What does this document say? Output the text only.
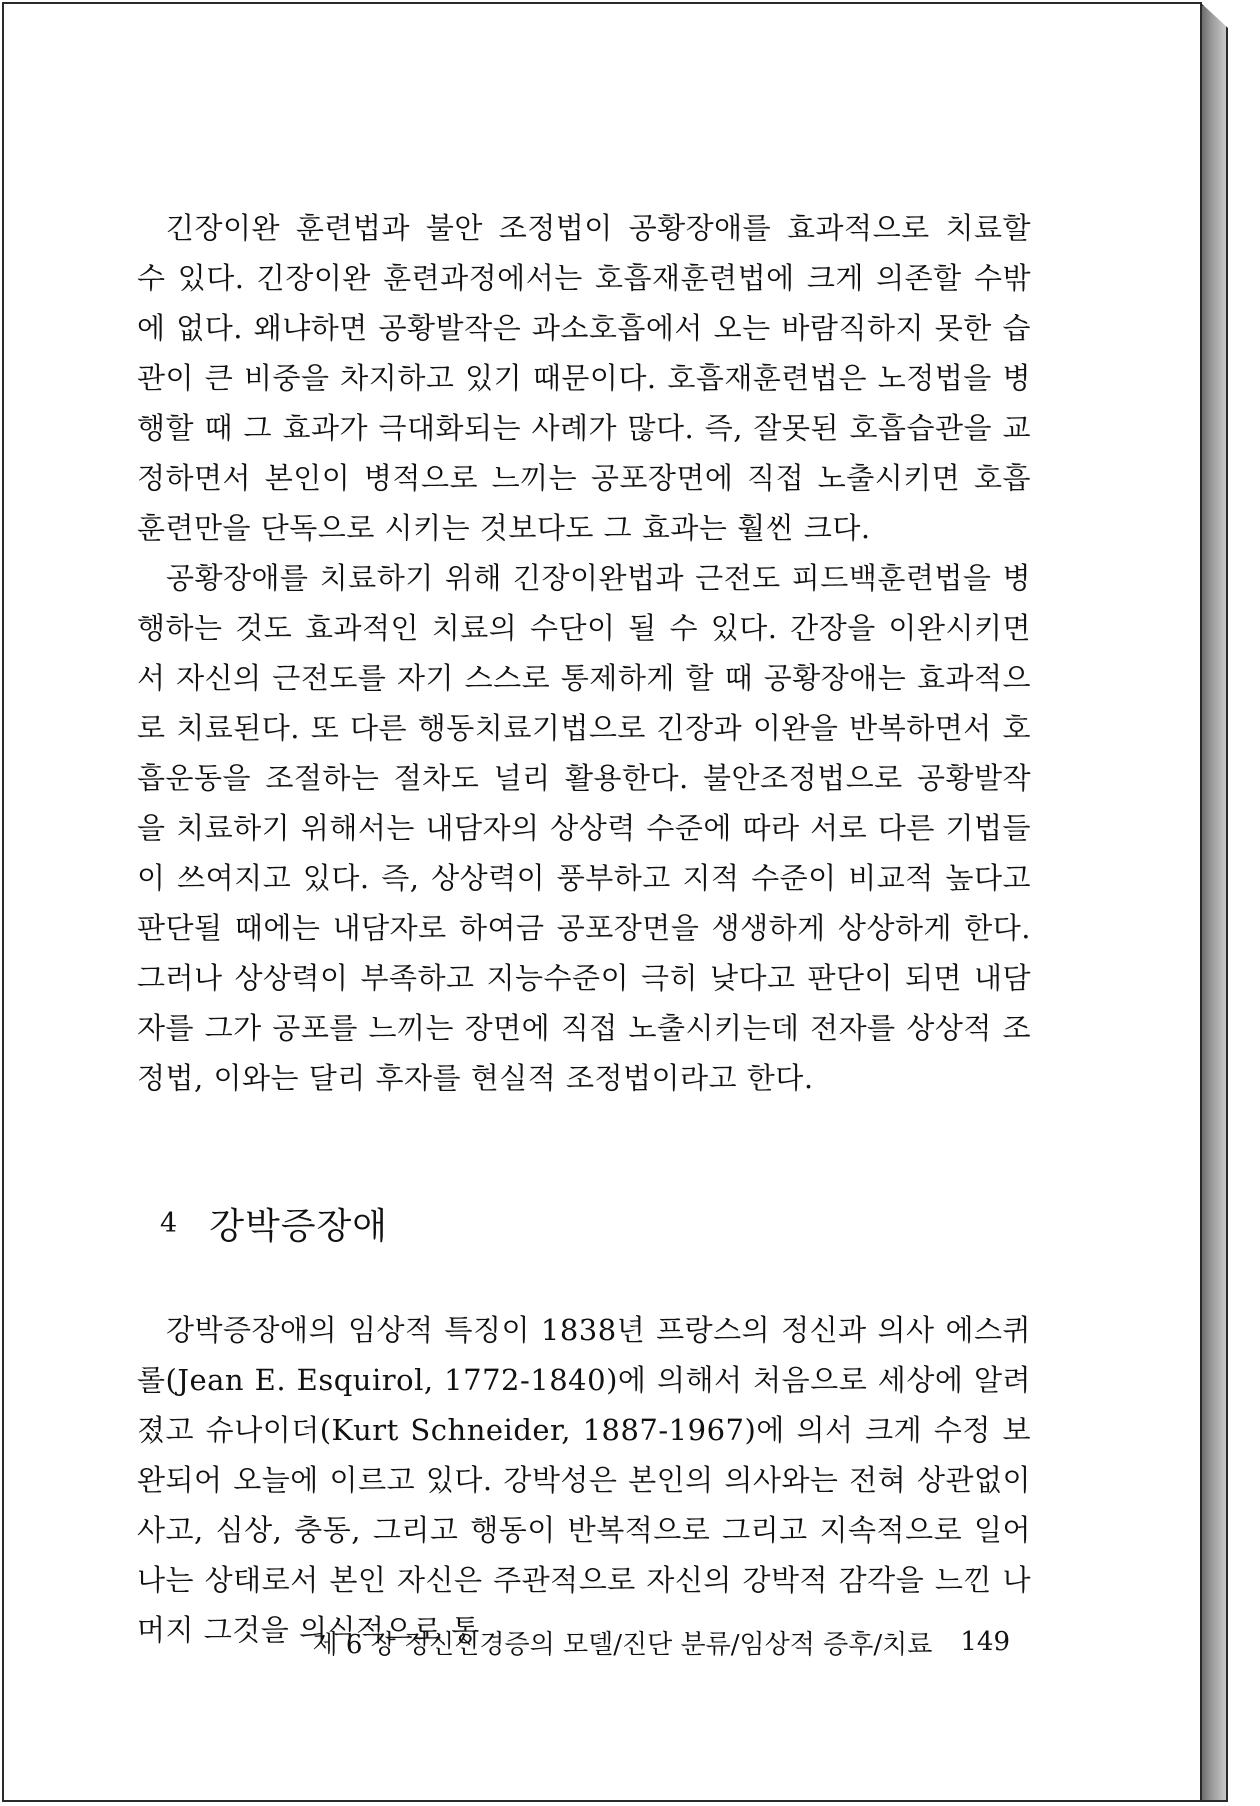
긴장이완 훈련법과 불안 조정법이 공황장애를 효과적으로 치료할 수 있다. 긴장이완 훈련과정에서는 호흡재훈련법에 크게 의존할 수밖에 없다. 왜냐하면 공황발작은 과소호흡에서 오는 바람직하지 못한 습관이 큰 비중을 차지하고 있기 때문이다. 호흡재훈련법은 노정법을 병행할 때 그 효과가 극대화되는 사례가 많다. 즉, 잘못된 호흡습관을 교정하면서 본인이 병적으로 느끼는 공포장면에 직접 노출시키면 호흡훈련만을 단독으로 시키는 것보다도 그 효과는 훨씬 크다.

공황장애를 치료하기 위해 긴장이완법과 근전도 피드백훈련법을 병행하는 것도 효과적인 치료의 수단이 될 수 있다. 간장을 이완시키면서 자신의 근전도를 자기 스스로 통제하게 할 때 공황장애는 효과적으로 치료된다. 또 다른 행동치료기법으로 긴장과 이완을 반복하면서 호흡운동을 조절하는 절차도 널리 활용한다. 불안조정법으로 공황발작을 치료하기 위해서는 내담자의 상상력 수준에 따라 서로 다른 기법들이 쓰여지고 있다. 즉, 상상력이 풍부하고 지적 수준이 비교적 높다고 판단될 때에는 내담자로 하여금 공포장면을 생생하게 상상하게 한다. 그러나 상상력이 부족하고 지능수준이 극히 낮다고 판단이 되면 내담자를 그가 공포를 느끼는 장면에 직접 노출시키는데 전자를 상상적 조정법, 이와는 달리 후자를 현실적 조정법이라고 한다.

4 강박증장애

강박증장애의 임상적 특징이 1838년 프랑스의 정신과 의사 에스퀴롤(Jean E. Esquirol, 1772-1840)에 의해서 처음으로 세상에 알려졌고 슈나이더(Kurt Schneider, 1887-1967)에 의서 크게 수정 보완되어 오늘에 이르고 있다. 강박성은 본인의 의사와는 전혀 상관없이 사고, 심상, 충동, 그리고 행동이 반복적으로 그리고 지속적으로 일어나는 상태로서 본인 자신은 주관적으로 자신의 강박적 감각을 느낀 나머지 그것을 의식적으로 통

제 6 장 정신신경증의 모델/진단 분류/임상적 증후/치료 149
